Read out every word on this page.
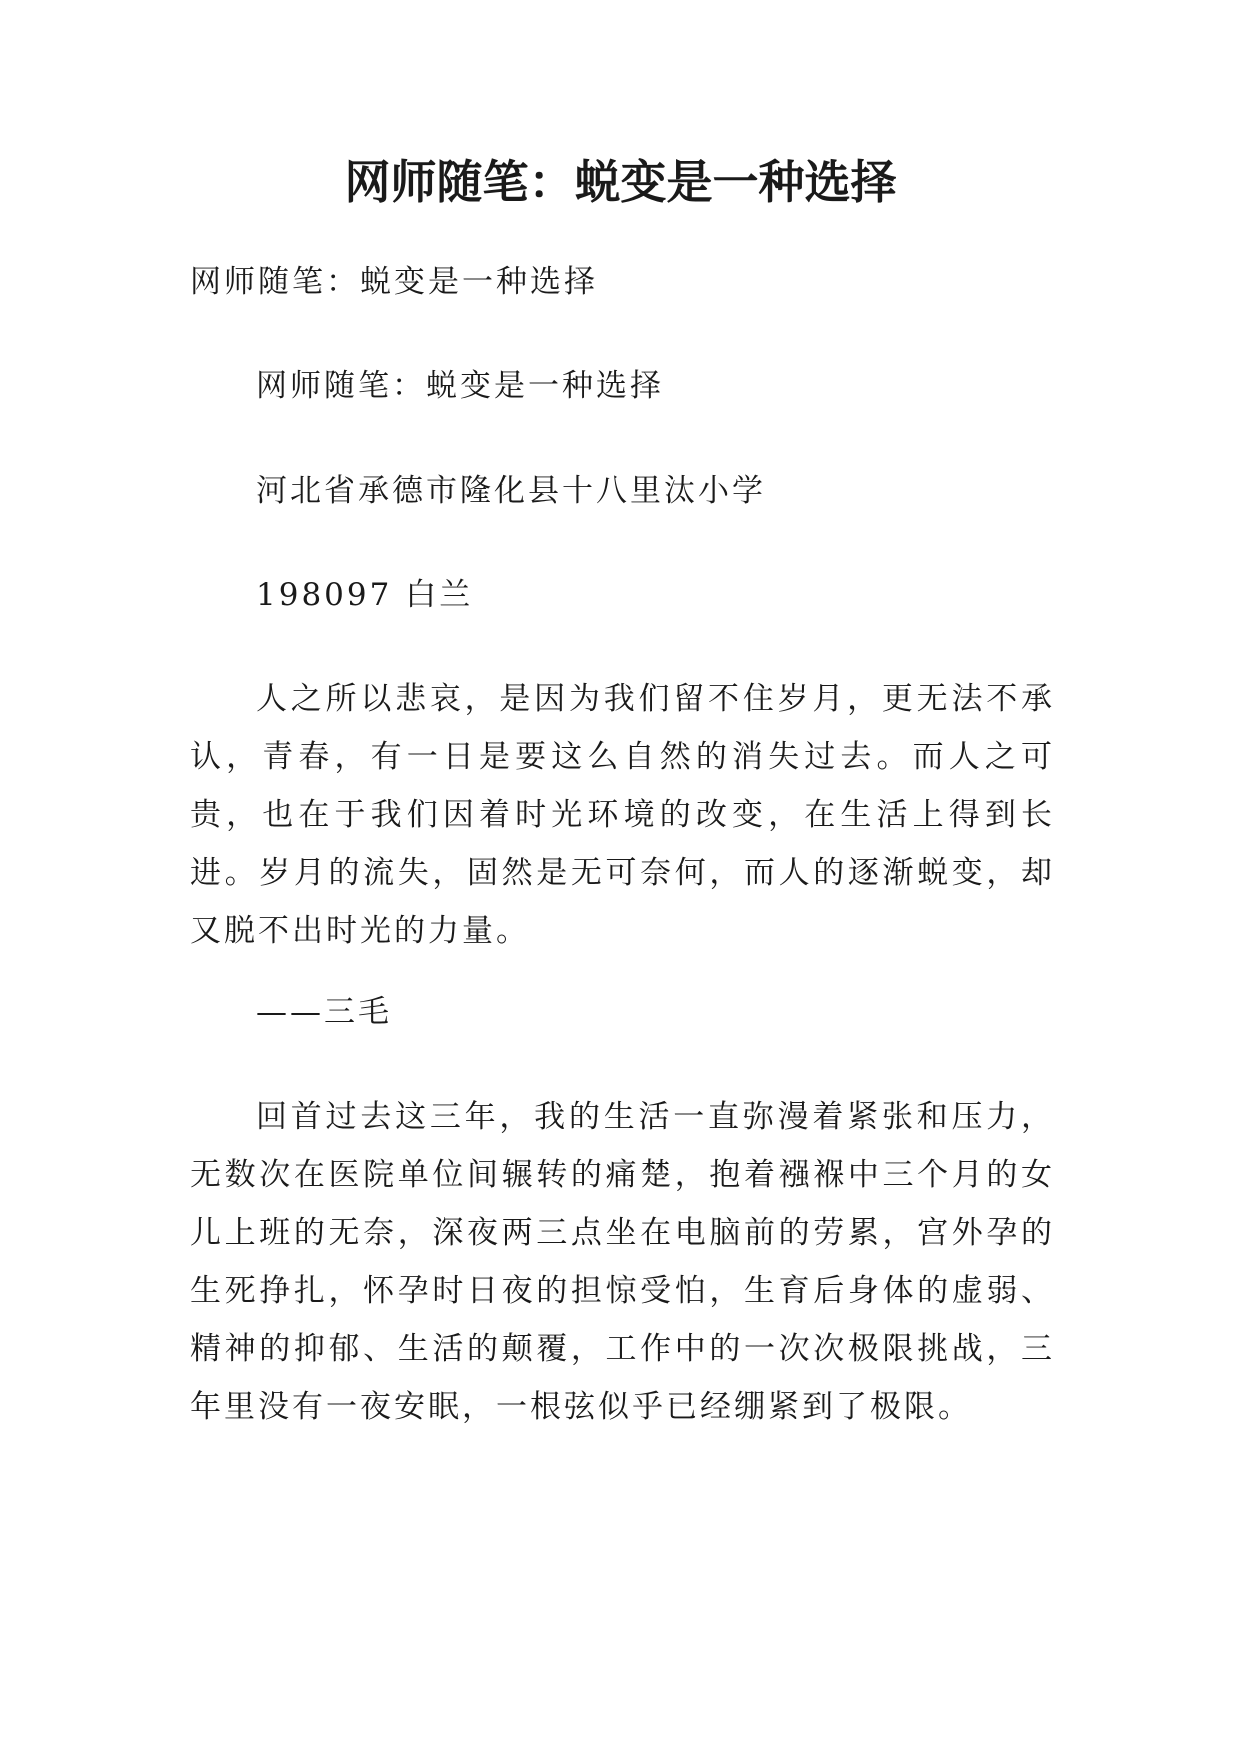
网师随笔：蜕变是一种选择

网师随笔：蜕变是一种选择

网师随笔：蜕变是一种选择

河北省承德市隆化县十八里汰小学

198097 白兰

人之所以悲哀，是因为我们留不住岁月，更无法不承认，青春，有一日是要这么自然的消失过去。而人之可贵，也在于我们因着时光环境的改变，在生活上得到长进。岁月的流失，固然是无可奈何，而人的逐渐蜕变，却又脱不出时光的力量。

——三毛

回首过去这三年，我的生活一直弥漫着紧张和压力，无数次在医院单位间辗转的痛楚，抱着襁褓中三个月的女儿上班的无奈，深夜两三点坐在电脑前的劳累，宫外孕的生死挣扎，怀孕时日夜的担惊受怕，生育后身体的虚弱、精神的抑郁、生活的颠覆，工作中的一次次极限挑战，三年里没有一夜安眠，一根弦似乎已经绷紧到了极限。
